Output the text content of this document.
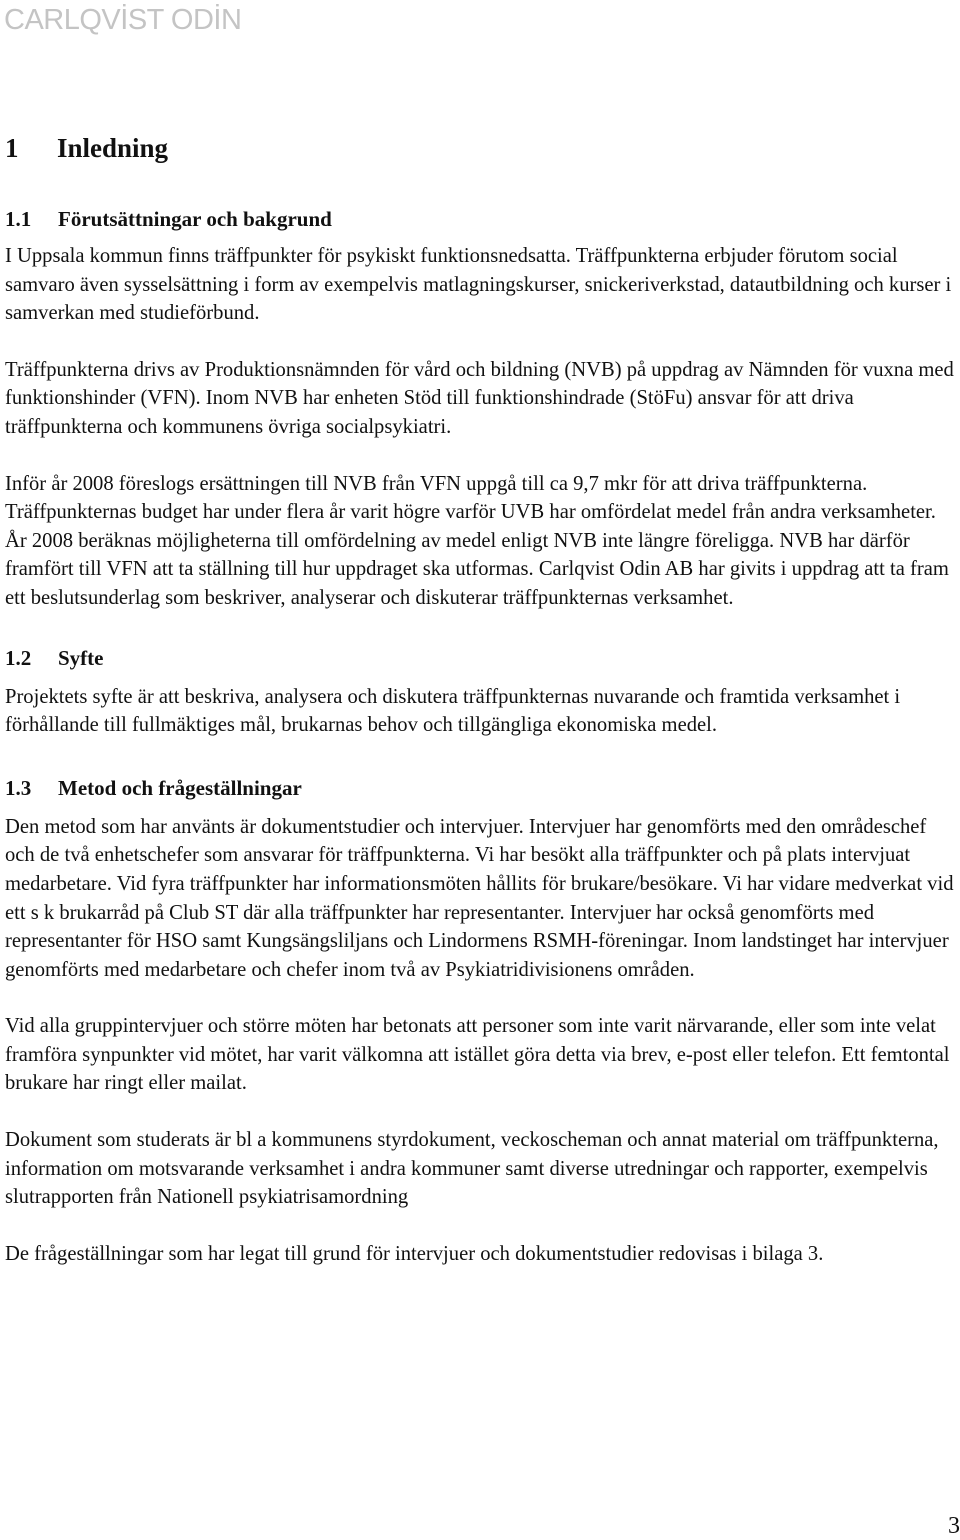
CARLQVİST ODİN
1 Inledning
1.1 Förutsättningar och bakgrund

I Uppsala kommun finns träffpunkter för psykiskt funktionsnedsatta. Träffpunkterna erbjuder förutom social samvaro även sysselsättning i form av exempelvis matlagningskurser, snickeriverkstad, datautbildning och kurser i samverkan med studieförbund.

Träffpunkterna drivs av Produktionsnämnden för vård och bildning (NVB) på uppdrag av Nämnden för vuxna med funktionshinder (VFN). Inom NVB har enheten Stöd till funktionshindrade (StöFu) ansvar för att driva träffpunkterna och kommunens övriga socialpsykiatri.

Inför år 2008 föreslogs ersättningen till NVB från VFN uppgå till ca 9,7 mkr för att driva träffpunkterna. Träffpunkternas budget har under flera år varit högre varför UVB har omfördelat medel från andra verksamheter. År 2008 beräknas möjligheterna till omfördelning av medel enligt NVB inte längre föreligga. NVB har därför framfört till VFN att ta ställning till hur uppdraget ska utformas. Carlqvist Odin AB har givits i uppdrag att ta fram ett beslutsunderlag som beskriver, analyserar och diskuterar träffpunkternas verksamhet.

1.2 Syfte

Projektets syfte är att beskriva, analysera och diskutera träffpunkternas nuvarande och framtida verksamhet i förhållande till fullmäktiges mål, brukarnas behov och tillgängliga ekonomiska medel.

1.3 Metod och frågeställningar

Den metod som har använts är dokumentstudier och intervjuer. Intervjuer har genomförts med den områdeschef och de två enhetschefer som ansvarar för träffpunkterna. Vi har besökt alla träffpunkter och på plats intervjuat medarbetare. Vid fyra träffpunkter har informationsmöten hållits för brukare/besökare. Vi har vidare medverkat vid ett s k brukarråd på Club ST där alla träffpunkter har representanter. Intervjuer har också genomförts med representanter för HSO samt Kungsängsliljans och Lindormens RSMH-föreningar. Inom landstinget har intervjuer genomförts med medarbetare och chefer inom två av Psykiatridivisionens områden.

Vid alla gruppintervjuer och större möten har betonats att personer som inte varit närvarande, eller som inte velat framföra synpunkter vid mötet, har varit välkomna att istället göra detta via brev, e-post eller telefon. Ett femtontal brukare har ringt eller mailat.

Dokument som studerats är bl a kommunens styrdokument, veckoscheman och annat material om träffpunkterna, information om motsvarande verksamhet i andra kommuner samt diverse utredningar och rapporter, exempelvis slutrapporten från Nationell psykiatrisamordning

De frågeställningar som har legat till grund för intervjuer och dokumentstudier redovisas i bilaga 3.

3
